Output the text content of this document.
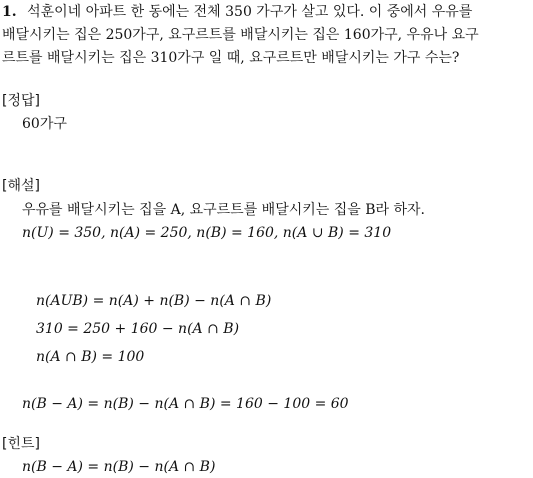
1. 석훈이네 아파트 한 동에는 전체 350 가구가 살고 있다. 이 중에서 우유를
배달시키는 집은 250가구, 요구르트를 배달시키는 집은 160가구, 우유나 요구
르트를 배달시키는 집은 310가구 일 때, 요구르트만 배달시키는 가구 수는?
[정답]
60가구
[해설]
우유를 배달시키는 집을 A, 요구르트를 배달시키는 집을 B라 하자.
n(U) = 350, n(A) = 250, n(B) = 160, n(A ∪ B) = 310
n(AUB) = n(A) + n(B) − n(A ∩ B)
310 = 250 + 160 − n(A ∩ B)
n(A ∩ B) = 100
n(B − A) = n(B) − n(A ∩ B) = 160 − 100 = 60
[힌트]
n(B − A) = n(B) − n(A ∩ B)
